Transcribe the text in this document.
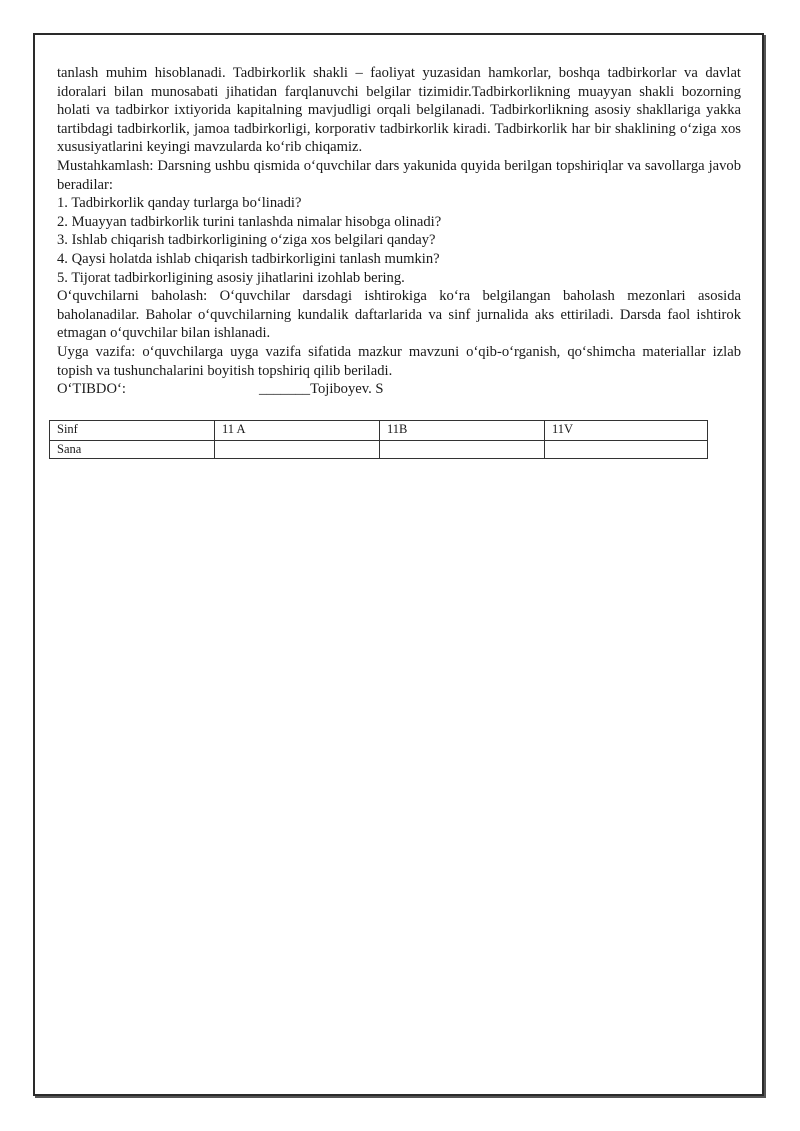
tanlash muhim hisoblanadi. Tadbirkorlik shakli – faoliyat yuzasidan hamkorlar, boshqa tadbirkorlar va davlat idoralari bilan munosabati jihatidan farqlanuvchi belgilar tizimidir.Tadbirkorlikning muayyan shakli bozorning holati va tadbirkor ixtiyorida kapitalning mavjudligi orqali belgilanadi. Tadbirkorlikning asosiy shakllariga yakka tartibdagi tadbirkorlik, jamoa tadbirkorligi, korporativ tadbirkorlik kiradi. Tadbirkorlik har bir shaklining o‘ziga xos xususiyatlarini keyingi mavzularda ko‘rib chiqamiz.

Mustahkamlash: Darsning ushbu qismida o‘quvchilar dars yakunida quyida berilgan topshiriqlar va savollarga javob beradilar:

1. Tadbirkorlik qanday turlarga bo‘linadi?

2. Muayyan tadbirkorlik turini tanlashda nimalar hisobga olinadi?

3. Ishlab chiqarish tadbirkorligining o‘ziga xos belgilari qanday?

4. Qaysi holatda ishlab chiqarish tadbirkorligini tanlash mumkin?

5. Tijorat tadbirkorligining asosiy jihatlarini izohlab bering.

O‘quvchilarni baholash: O‘quvchilar darsdagi ishtirokiga ko‘ra belgilangan baholash mezonlari asosida baholanadilar. Baholar o‘quvchilarning kundalik daftarlarida va sinf jurnalida aks ettiriladi. Darsda faol ishtirok etmagan o‘quvchilar bilan ishlanadi.

Uyga vazifa: o‘quvchilarga uyga vazifa sifatida mazkur mavzuni o‘qib-o‘rganish, qo‘shimcha materiallar izlab topish va tushunchalarini boyitish topshiriq qilib beriladi.

O‘TIBDO‘:	_______Tojiboyev. S

Sinf	11 A	11B	11V
Sana			
